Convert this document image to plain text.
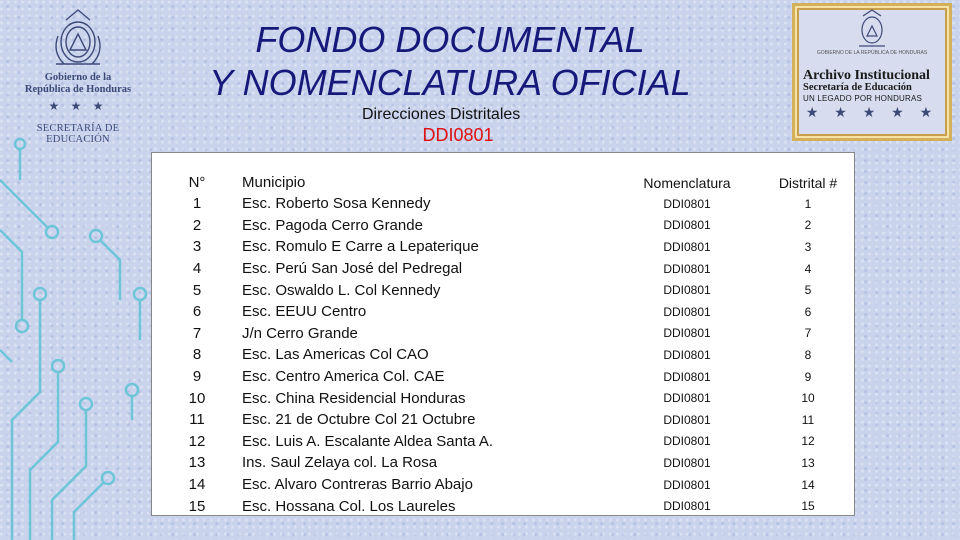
Gobierno de la
República de Honduras
★ ★ ★
SECRETARÍA DE EDUCACIÓN
FONDO DOCUMENTAL
Y NOMENCLATURA OFICIAL
Direcciones Distritales
DDI0801
GOBIERNO DE LA REPÚBLICA DE HONDURAS
Archivo Institucional
Secretaría de Educación
UN LEGADO POR HONDURAS
★ ★ ★ ★ ★
N°	Municipio	Nomenclatura	Distrital #
1	Esc. Roberto Sosa Kennedy	DDI0801	1
2	Esc. Pagoda Cerro Grande	DDI0801	2
3	Esc. Romulo E Carre a Lepaterique	DDI0801	3
4	Esc. Perú San José del Pedregal	DDI0801	4
5	Esc. Oswaldo L. Col Kennedy	DDI0801	5
6	Esc. EEUU Centro	DDI0801	6
7	J/n Cerro Grande	DDI0801	7
8	Esc. Las Americas Col CAO	DDI0801	8
9	Esc. Centro America Col. CAE	DDI0801	9
10	Esc. China Residencial Honduras	DDI0801	10
11	Esc. 21 de Octubre Col 21 Octubre	DDI0801	11
12	Esc. Luis A. Escalante Aldea Santa A.	DDI0801	12
13	Ins. Saul Zelaya col. La Rosa	DDI0801	13
14	Esc. Alvaro Contreras Barrio Abajo	DDI0801	14
15	Esc. Hossana Col. Los Laureles	DDI0801	15
